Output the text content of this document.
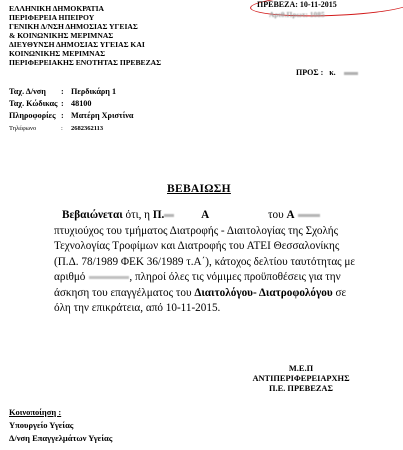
ΕΛΛΗΝΙΚΗ ΔΗΜΟΚΡΑΤΙΑ
ΠΕΡΙΦΕΡΕΙΑ ΗΠΕΙΡΟΥ
ΓΕΝΙΚΗ Δ/ΝΣΗ ΔΗΜΟΣΙΑΣ ΥΓΕΙΑΣ
& ΚΟΙΝΩΝΙΚΗΣ ΜΕΡΙΜΝΑΣ
ΔΙΕΥΘΥΝΣΗ ΔΗΜΟΣΙΑΣ ΥΓΕΙΑΣ ΚΑΙ
ΚΟΙΝΩΝΙΚΗΣ ΜΕΡΙΜΝΑΣ
ΠΕΡΙΦΕΡΕΙΑΚΗΣ ΕΝΟΤΗΤΑΣ ΠΡΕΒΕΖΑΣ
ΠΡΕΒΕΖΑ: 10-11-2015
Αριθ.Πρωτ: 1085
ΠΡΟΣ : κ.
Ταχ. Δ/νση : Περδικάρη 1
Ταχ. Κώδικας : 48100
Πληροφορίες : Ματέρη Χριστίνα
Τηλέφωνο	: 2682362113
ΒΕΒΑΙΩΣΗ
Βεβαιώνεται ότι, η Π.	Α	του Α
πτυχιούχος του τμήματος Διατροφής - Διαιτολογίας της Σχολής
Τεχνολογίας Τροφίμων και Διατροφής του ΑΤΕΙ Θεσσαλονίκης
(Π.Δ. 78/1989 ΦΕΚ 36/1989 τ.Α΄), κάτοχος δελτίου ταυτότητας με
αριθμό	, πληροί όλες τις νόμιμες προϋποθέσεις για την
άσκηση του επαγγέλματος του Διαιτολόγου- Διατροφολόγου σε
όλη την επικράτεια, από 10-11-2015.
Μ.Ε.Π
ΑΝΤΙΠΕΡΙΦΕΡΕΙΑΡΧΗΣ
Π.Ε. ΠΡΕΒΕΖΑΣ
Κοινοποίηση :
Υπουργείο Υγείας
Δ/νση Επαγγελμάτων Υγείας
